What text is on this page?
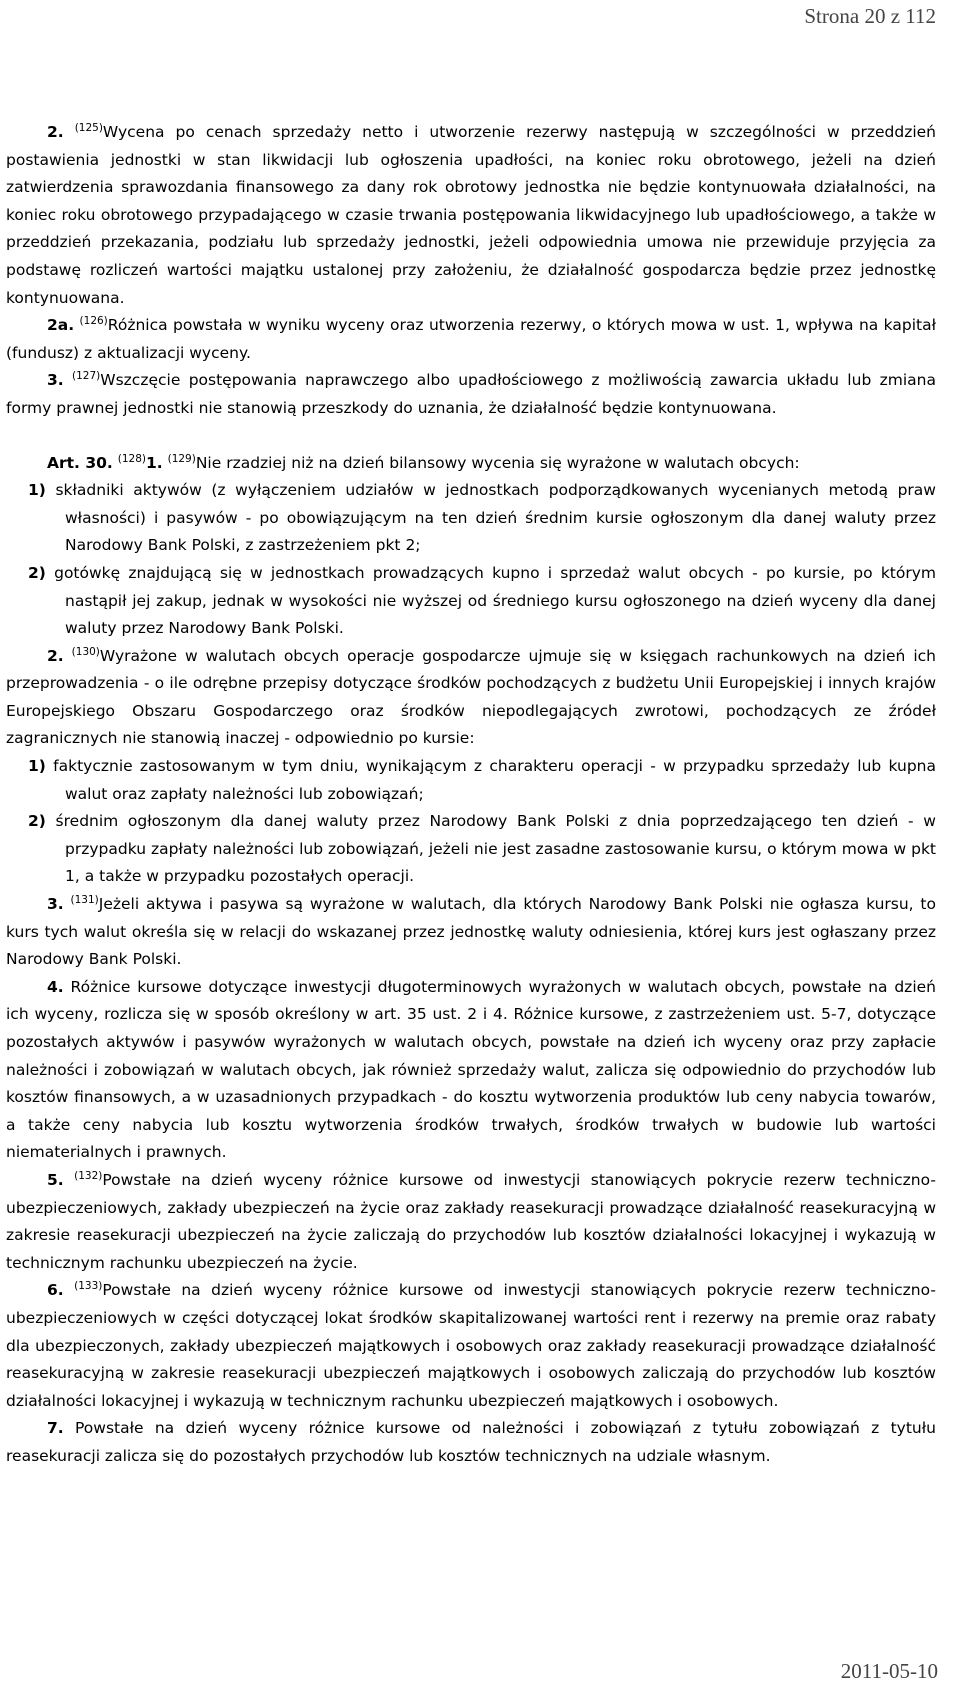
Strona 20 z 112

2. $^{(125)}$Wycena po cenach sprzedaży netto i utworzenie rezerwy następują w szczególności w przeddzień postawienia jednostki w stan likwidacji lub ogłoszenia upadłości, na koniec roku obrotowego, jeżeli na dzień zatwierdzenia sprawozdania finansowego za dany rok obrotowy jednostka nie będzie kontynuowała działalności, na koniec roku obrotowego przypadającego w czasie trwania postępowania likwidacyjnego lub upadłościowego, a także w przeddzień przekazania, podziału lub sprzedaży jednostki, jeżeli odpowiednia umowa nie przewiduje przyjęcia za podstawę rozliczeń wartości majątku ustalonej przy założeniu, że działalność gospodarcza będzie przez jednostkę kontynuowana.

2a. $^{(126)}$Różnica powstała w wyniku wyceny oraz utworzenia rezerwy, o których mowa w ust. 1, wpływa na kapitał (fundusz) z aktualizacji wyceny.

3. $^{(127)}$Wszczęcie postępowania naprawczego albo upadłościowego z możliwością zawarcia układu lub zmiana formy prawnej jednostki nie stanowią przeszkody do uznania, że działalność będzie kontynuowana.

Art. 30. $^{(128)}$1. $^{(129)}$Nie rzadziej niż na dzień bilansowy wycenia się wyrażone w walutach obcych:

1) składniki aktywów (z wyłączeniem udziałów w jednostkach podporządkowanych wycenianych metodą praw własności) i pasywów - po obowiązującym na ten dzień średnim kursie ogłoszonym dla danej waluty przez Narodowy Bank Polski, z zastrzeżeniem pkt 2;

2) gotówkę znajdującą się w jednostkach prowadzących kupno i sprzedaż walut obcych - po kursie, po którym nastąpił jej zakup, jednak w wysokości nie wyższej od średniego kursu ogłoszonego na dzień wyceny dla danej waluty przez Narodowy Bank Polski.

2. $^{(130)}$Wyrażone w walutach obcych operacje gospodarcze ujmuje się w księgach rachunkowych na dzień ich przeprowadzenia - o ile odrębne przepisy dotyczące środków pochodzących z budżetu Unii Europejskiej i innych krajów Europejskiego Obszaru Gospodarczego oraz środków niepodlegających zwrotowi, pochodzących ze źródeł zagranicznych nie stanowią inaczej - odpowiednio po kursie:

1) faktycznie zastosowanym w tym dniu, wynikającym z charakteru operacji - w przypadku sprzedaży lub kupna walut oraz zapłaty należności lub zobowiązań;

2) średnim ogłoszonym dla danej waluty przez Narodowy Bank Polski z dnia poprzedzającego ten dzień - w przypadku zapłaty należności lub zobowiązań, jeżeli nie jest zasadne zastosowanie kursu, o którym mowa w pkt 1, a także w przypadku pozostałych operacji.

3. $^{(131)}$Jeżeli aktywa i pasywa są wyrażone w walutach, dla których Narodowy Bank Polski nie ogłasza kursu, to kurs tych walut określa się w relacji do wskazanej przez jednostkę waluty odniesienia, której kurs jest ogłaszany przez Narodowy Bank Polski.

4. Różnice kursowe dotyczące inwestycji długoterminowych wyrażonych w walutach obcych, powstałe na dzień ich wyceny, rozlicza się w sposób określony w art. 35 ust. 2 i 4. Różnice kursowe, z zastrzeżeniem ust. 5-7, dotyczące pozostałych aktywów i pasywów wyrażonych w walutach obcych, powstałe na dzień ich wyceny oraz przy zapłacie należności i zobowiązań w walutach obcych, jak również sprzedaży walut, zalicza się odpowiednio do przychodów lub kosztów finansowych, a w uzasadnionych przypadkach - do kosztu wytworzenia produktów lub ceny nabycia towarów, a także ceny nabycia lub kosztu wytworzenia środków trwałych, środków trwałych w budowie lub wartości niematerialnych i prawnych.

5. $^{(132)}$Powstałe na dzień wyceny różnice kursowe od inwestycji stanowiących pokrycie rezerw techniczno-ubezpieczeniowych, zakłady ubezpieczeń na życie oraz zakłady reasekuracji prowadzące działalność reasekuracyjną w zakresie reasekuracji ubezpieczeń na życie zaliczają do przychodów lub kosztów działalności lokacyjnej i wykazują w technicznym rachunku ubezpieczeń na życie.

6. $^{(133)}$Powstałe na dzień wyceny różnice kursowe od inwestycji stanowiących pokrycie rezerw techniczno-ubezpieczeniowych w części dotyczącej lokat środków skapitalizowanej wartości rent i rezerwy na premie oraz rabaty dla ubezpieczonych, zakłady ubezpieczeń majątkowych i osobowych oraz zakłady reasekuracji prowadzące działalność reasekuracyjną w zakresie reasekuracji ubezpieczeń majątkowych i osobowych zaliczają do przychodów lub kosztów działalności lokacyjnej i wykazują w technicznym rachunku ubezpieczeń majątkowych i osobowych.

7. Powstałe na dzień wyceny różnice kursowe od należności i zobowiązań z tytułu zobowiązań z tytułu reasekuracji zalicza się do pozostałych przychodów lub kosztów technicznych na udziale własnym.

2011-05-10
